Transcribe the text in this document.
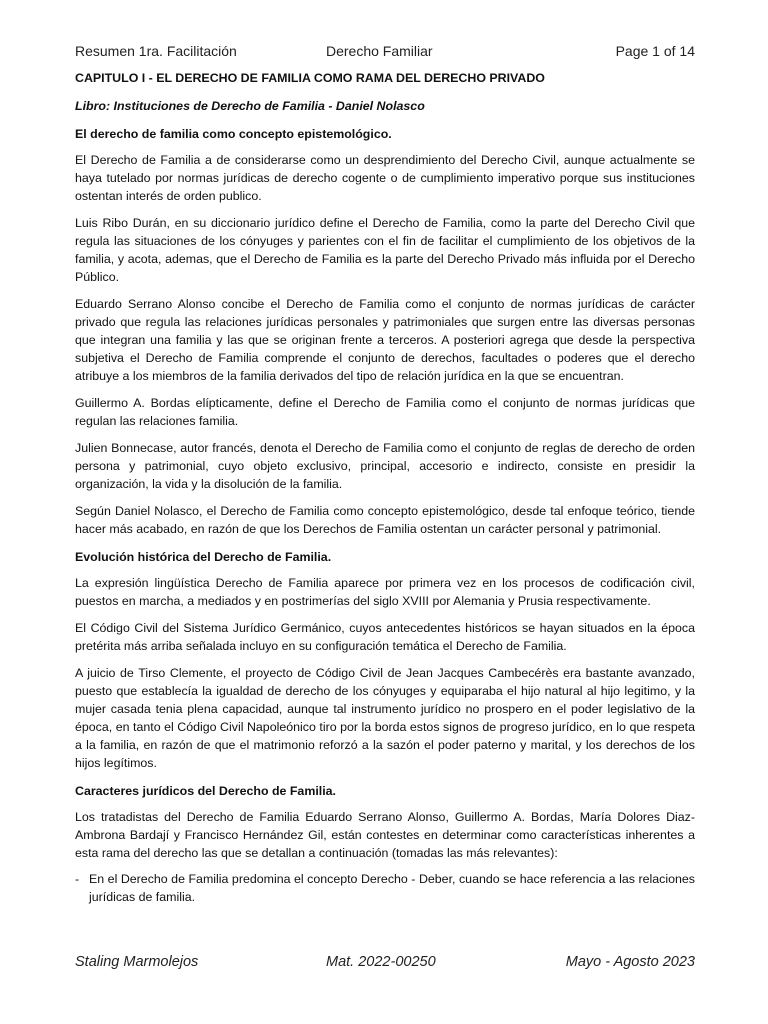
Resumen 1ra. Facilitación	Derecho Familiar	Page 1 of 14

CAPITULO I - EL DERECHO DE FAMILIA COMO RAMA DEL DERECHO PRIVADO

Libro: Instituciones de Derecho de Familia - Daniel Nolasco

El derecho de familia como concepto epistemológico.

El Derecho de Familia a de considerarse como un desprendimiento del Derecho Civil, aunque actualmente se haya tutelado por normas jurídicas de derecho cogente o de cumplimiento imperativo porque sus instituciones ostentan interés de orden publico.

Luis Ribo Durán, en su diccionario jurídico define el Derecho de Familia, como la parte del Derecho Civil que regula las situaciones de los cónyuges y parientes con el fin de facilitar el cumplimiento de los objetivos de la familia, y acota, ademas, que el Derecho de Familia es la parte del Derecho Privado más influida por el Derecho Público.

Eduardo Serrano Alonso concibe el Derecho de Familia como el conjunto de normas jurídicas de carácter privado que regula las relaciones jurídicas personales y patrimoniales que surgen entre las diversas personas que integran una familia y las que se originan frente a terceros. A posteriori agrega que desde la perspectiva subjetiva el Derecho de Familia comprende el conjunto de derechos, facultades o poderes que el derecho atribuye a los miembros de la familia derivados del tipo de relación jurídica en la que se encuentran.

Guillermo A. Bordas elípticamente, define el Derecho de Familia como el conjunto de normas jurídicas que regulan las relaciones familia.

Julien Bonnecase, autor francés, denota el Derecho de Familia como el conjunto de reglas de derecho de orden persona y patrimonial, cuyo objeto exclusivo, principal, accesorio e indirecto, consiste en presidir la organización, la vida y la disolución de la familia.

Según Daniel Nolasco, el Derecho de Familia como concepto epistemológico, desde tal enfoque teórico, tiende hacer más acabado, en razón de que los Derechos de Familia ostentan un carácter personal y patrimonial.

Evolución histórica del Derecho de Familia.

La expresión lingüística Derecho de Familia aparece por primera vez en los procesos de codificación civil, puestos en marcha, a mediados y en postrimerías del siglo XVIII por Alemania y Prusia respectivamente.

El Código Civil del Sistema Jurídico Germánico, cuyos antecedentes históricos se hayan situados en la época pretérita más arriba señalada incluyo en su configuración temática el Derecho de Familia.

A juicio de Tirso Clemente, el proyecto de Código Civil de Jean Jacques Cambecérès era bastante avanzado, puesto que establecía la igualdad de derecho de los cónyuges y equiparaba el hijo natural al hijo legitimo, y la mujer casada tenia plena capacidad, aunque tal instrumento jurídico no prospero en el poder legislativo de la época, en tanto el Código Civil Napoleónico tiro por la borda estos signos de progreso jurídico, en lo que respeta a la familia, en razón de que el matrimonio reforzó a la sazón el poder paterno y marital, y los derechos de los hijos legítimos.

Caracteres jurídicos del Derecho de Familia.

Los tratadistas del Derecho de Familia Eduardo Serrano Alonso, Guillermo A. Bordas, María Dolores Diaz-Ambrona Bardají y Francisco Hernández Gil, están contestes en determinar como características inherentes a esta rama del derecho las que se detallan a continuación (tomadas las más relevantes):

- En el Derecho de Familia predomina el concepto Derecho - Deber, cuando se hace referencia a las relaciones jurídicas de familia.
Staling Marmolejos	Mat. 2022-00250	Mayo - Agosto 2023
